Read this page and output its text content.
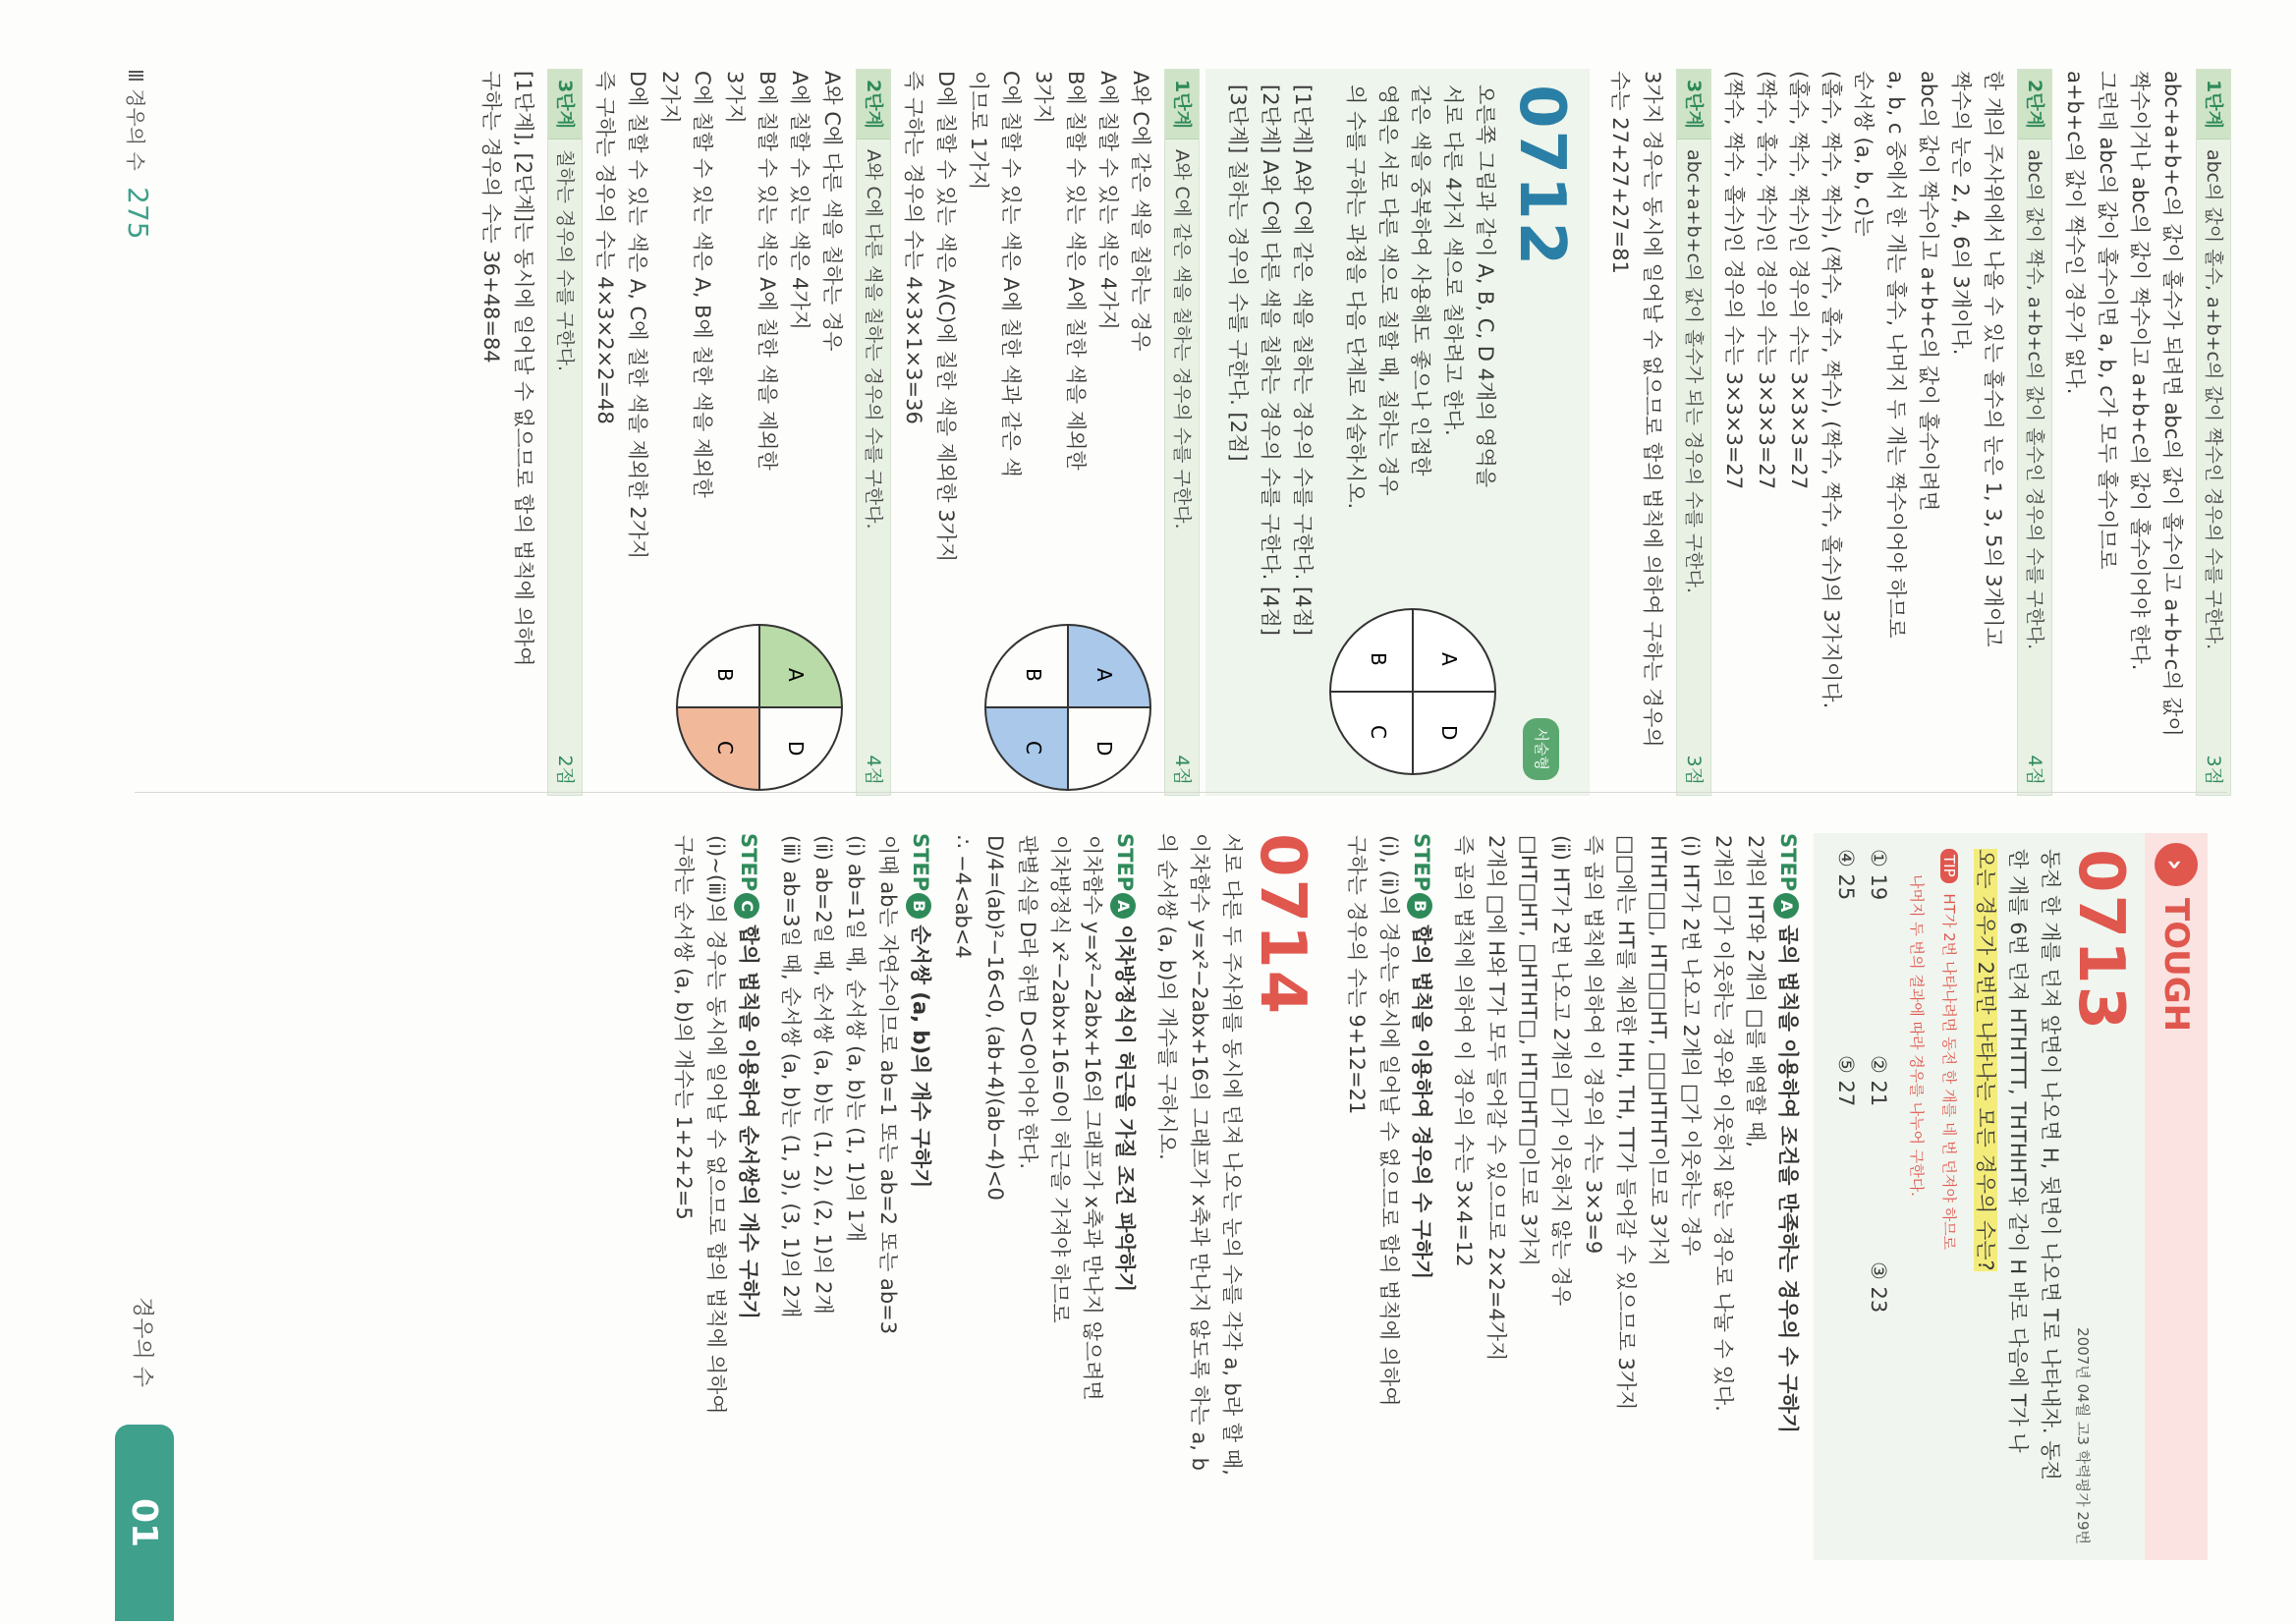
1단계
abc의 값이 홀수, a+b+c의 값이 짝수인 경우의 수를 구한다.
3점

abc+a+b+c의 값이 홀수가 되려면 abc의 값이 홀수이고 a+b+c의 값이

짝수이거나 abc의 값이 짝수이고 a+b+c의 값이 홀수이어야 한다.

그런데 abc의 값이 홀수이면 a, b, c가 모두 홀수이므로

a+b+c의 값이 짝수인 경우가 없다.

2단계
abc의 값이 짝수, a+b+c의 값이 홀수인 경우의 수를 구한다.
4점

한 개의 주사위에서 나올 수 있는 홀수의 눈은 1, 3, 5의 3개이고

짝수의 눈은 2, 4, 6의 3개이다.

abc의 값이 짝수이고 a+b+c의 값이 홀수이려면

a, b, c 중에서 한 개는 홀수, 나머지 두 개는 짝수이어야 하므로

순서쌍 (a, b, c)는

(홀수, 짝수, 짝수), (짝수, 홀수, 짝수), (짝수, 짝수, 홀수)의 3가지이다.

(홀수, 짝수, 짝수)인 경우의 수는 3×3×3=27

(짝수, 홀수, 짝수)인 경우의 수는 3×3×3=27

(짝수, 짝수, 홀수)인 경우의 수는 3×3×3=27

3단계
abc+a+b+c의 값이 홀수가 되는 경우의 수를 구한다.
3점

3가지 경우는 동시에 일어날 수 없으므로 합의 법칙에 의하여 구하는 경우의

수는 27+27+27=81

0712
서술형

오른쪽 그림과 같이 A, B, C, D 4개의 영역을

서로 다른 4가지 색으로 칠하려고 한다.

같은 색을 중복하여 사용해도 좋으나 인접한

영역은 서로 다른 색으로 칠할 때, 칠하는 경우

의 수를 구하는 과정을 다음 단계로 서술하시오.

A
D
B
C

[1단계] A와 C에 같은 색을 칠하는 경우의 수를 구한다. [4점]

[2단계] A와 C에 다른 색을 칠하는 경우의 수를 구한다. [4점]

[3단계] 칠하는 경우의 수를 구한다. [2점]

1단계
A와 C에 같은 색을 칠하는 경우의 수를 구한다.
4점

A와 C에 같은 색을 칠하는 경우

A에 칠할 수 있는 색은 4가지

B에 칠할 수 있는 색은 A에 칠한 색을 제외한

3가지

C에 칠할 수 있는 색은 A에 칠한 색과 같은 색

이므로 1가지

D에 칠할 수 있는 색은 A(C)에 칠한 색을 제외한 3가지

즉 구하는 경우의 수는 4×3×1×3=36

A
D
B
C
2단계
A와 C에 다른 색을 칠하는 경우의 수를 구한다.
4점

A와 C에 다른 색을 칠하는 경우

A에 칠할 수 있는 색은 4가지

B에 칠할 수 있는 색은 A에 칠한 색을 제외한

3가지

C에 칠할 수 있는 색은 A, B에 칠한 색을 제외한

2가지

D에 칠할 수 있는 색은 A, C에 칠한 색을 제외한 2가지

즉 구하는 경우의 수는 4×3×2×2=48

A
D
B
C
3단계
칠하는 경우의 수를 구한다.
2점

[1단계], [2단계]는 동시에 일어날 수 없으므로 합의 법칙에 의하여

구하는 경우의 수는 36+48=84

›
TOUGH
0713
2007년 04월 고3 학력평가 29번

동전 한 개를 던져 앞면이 나오면 H, 뒷면이 나오면 T로 나타내자. 동전

한 개를 6번 던져 HTHTTT, THTHHT와 같이 H 바로 다음에 T가 나

오는 경우가 2번만 나타나는 모든 경우의 수는?

TIP HT가 2번 나타나려면 동전 한 개를 네 번 던져야 하므로
나머지 두 번의 결과에 따라 경우를 나누어 구한다.
① 19
② 21
③ 23
④ 25
⑤ 27

STEPA곱의 법칙을 이용하여 조건을 만족하는 경우의 수 구하기

2개의 HT와 2개의 □를 배열할 때,

2개의 □가 이웃하는 경우와 이웃하지 않는 경우로 나눌 수 있다.

(ⅰ) HT가 2번 나오고 2개의 □가 이웃하는 경우

HTHT□□, HT□□HT, □□HTHT이므로 3가지

□□에는 HT를 제외한 HH, TH, TT가 들어갈 수 있으므로 3가지

즉 곱의 법칙에 의하여 이 경우의 수는 3×3=9

(ⅱ) HT가 2번 나오고 2개의 □가 이웃하지 않는 경우

□HT□HT, □HTHT□, HT□HT□이므로 3가지

2개의 □에 H와 T가 모두 들어갈 수 있으므로 2×2=4가지

즉 곱의 법칙에 의하여 이 경우의 수는 3×4=12

STEPB합의 법칙을 이용하여 경우의 수 구하기

(ⅰ), (ⅱ)의 경우는 동시에 일어날 수 없으므로 합의 법칙에 의하여

구하는 경우의 수는 9+12=21

0714

서로 다른 두 주사위를 동시에 던져 나오는 눈의 수를 각각 a, b라 할 때,

이차함수 y=x²−2abx+16의 그래프가 x축과 만나지 않도록 하는 a, b

의 순서쌍 (a, b)의 개수를 구하시오.

STEPA이차방정식이 허근을 가질 조건 파악하기

이차함수 y=x²−2abx+16의 그래프가 x축과 만나지 않으려면

이차방정식 x²−2abx+16=0이 허근을 가져야 하므로

판별식을 D라 하면 D<0이어야 한다.

D/4=(ab)²−16<0, (ab+4)(ab−4)<0

∴ −4<ab<4

STEPB순서쌍 (a, b)의 개수 구하기

이때 ab는 자연수이므로 ab=1 또는 ab=2 또는 ab=3

(ⅰ) ab=1일 때, 순서쌍 (a, b)는 (1, 1)의 1개

(ⅱ) ab=2일 때, 순서쌍 (a, b)는 (1, 2), (2, 1)의 2개

(ⅲ) ab=3일 때, 순서쌍 (a, b)는 (1, 3), (3, 1)의 2개

STEPC합의 법칙을 이용하여 순서쌍의 개수 구하기

(ⅰ)~(ⅲ)의 경우는 동시에 일어날 수 없으므로 합의 법칙에 의하여

구하는 순서쌍 (a, b)의 개수는 1+2+2=5

경우의 수
01
Ⅲ 경우의 수 275
